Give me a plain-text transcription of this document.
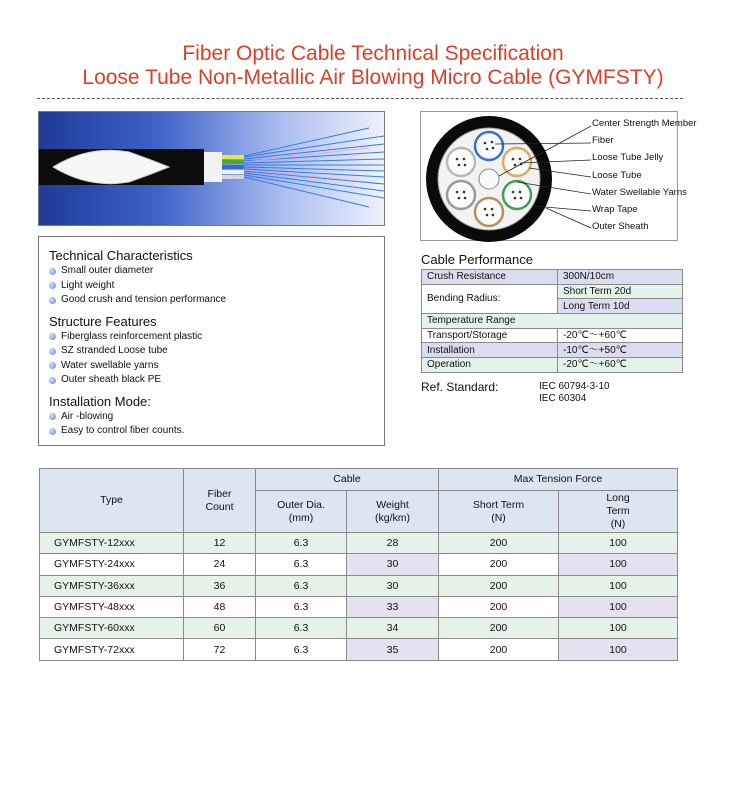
Fiber Optic Cable Technical Specification
Loose Tube Non-Metallic Air Blowing Micro Cable (GYMFSTY)
Center Strength Member
Fiber
Loose Tube Jelly
Loose Tube
Water Swellable Yarns
Wrap Tape
Outer Sheath
Technical Characteristics
Small outer diameter
Light weight
Good crush and tension performance
Structure Features
Fiberglass reinforcement plastic
SZ stranded Loose tube
Water swellable yarns
Outer sheath black PE
Installation Mode:
Air -blowing
Easy to control fiber counts.
Cable Performance
Crush Resistance	300N/10cm
Bending Radius:	Short Term 20d
	Long Term 10d
Temperature Range	
Transport/Storage	-20℃～+60℃
Installation	-10℃～+50℃
Operation	-20℃～+60℃
Ref. Standard:	IEC 60794-3-10
IEC 60304
Type	Fiber Count	Cable		Max Tension Force	
		Outer Dia. (mm)	Weight (kg/km)	Short Term (N)	Long Term (N)
GYMFSTY-12xxx	12	6.3	28	200	100
GYMFSTY-24xxx	24	6.3	30	200	100
GYMFSTY-36xxx	36	6.3	30	200	100
GYMFSTY-48xxx	48	6.3	33	200	100
GYMFSTY-60xxx	60	6.3	34	200	100
GYMFSTY-72xxx	72	6.3	35	200	100
